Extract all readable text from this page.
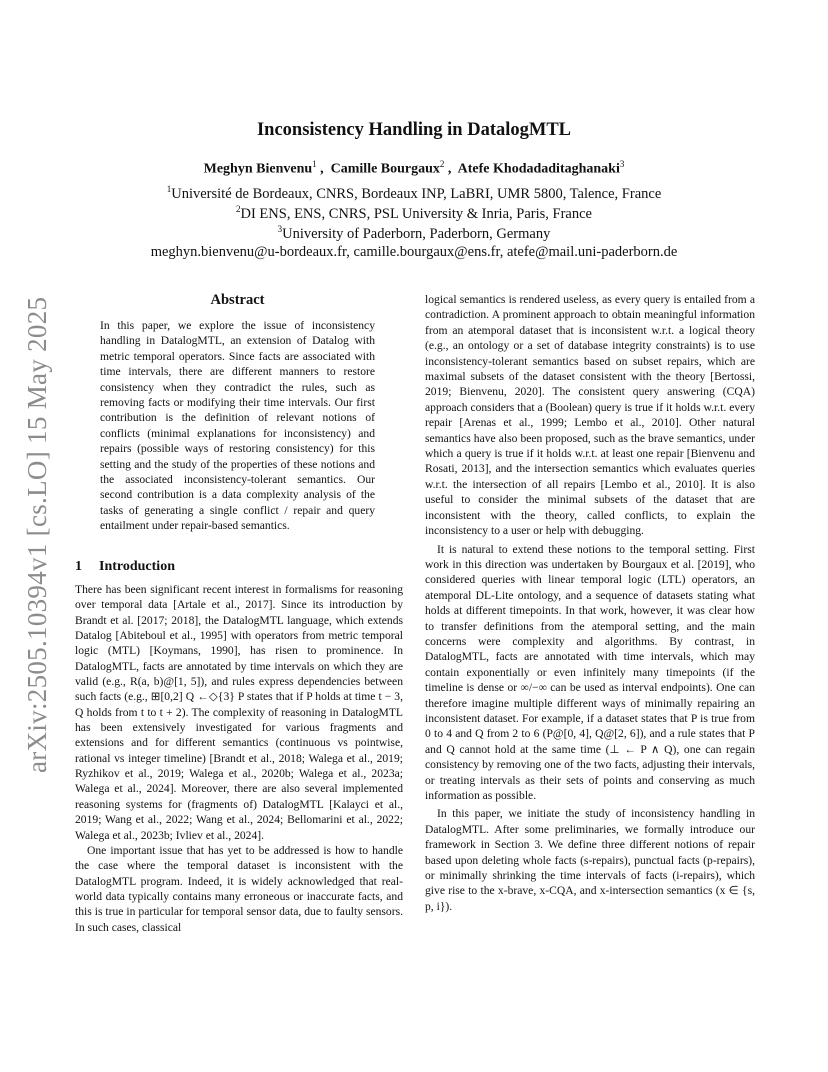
arXiv:2505.10394v1 [cs.LO] 15 May 2025
Inconsistency Handling in DatalogMTL
Meghyn Bienvenu$^1$ ,  Camille Bourgaux$^2$ ,  Atefe Khodadaditaghanaki$^3$
$^1$Université de Bordeaux, CNRS, Bordeaux INP, LaBRI, UMR 5800, Talence, France
$^2$DI ENS, ENS, CNRS, PSL University & Inria, Paris, France
$^3$University of Paderborn, Paderborn, Germany
meghyn.bienvenu@u-bordeaux.fr, camille.bourgaux@ens.fr, atefe@mail.uni-paderborn.de
Abstract

In this paper, we explore the issue of inconsistency handling in DatalogMTL, an extension of Datalog with metric temporal operators. Since facts are associated with time intervals, there are different manners to restore consistency when they contradict the rules, such as removing facts or modifying their time intervals. Our first contribution is the definition of relevant notions of conflicts (minimal explanations for inconsistency) and repairs (possible ways of restoring consistency) for this setting and the study of the properties of these notions and the associated inconsistency-tolerant semantics. Our second contribution is a data complexity analysis of the tasks of generating a single conflict / repair and query entailment under repair-based semantics.

1 Introduction

There has been significant recent interest in formalisms for reasoning over temporal data [Artale et al., 2017]. Since its introduction by Brandt et al. [2017; 2018], the DatalogMTL language, which extends Datalog [Abiteboul et al., 1995] with operators from metric temporal logic (MTL) [Koymans, 1990], has risen to prominence. In DatalogMTL, facts are annotated by time intervals on which they are valid (e.g., R(a, b)@[1, 5]), and rules express dependencies between such facts (e.g., ⊞[0,2] Q ←◇{3} P states that if P holds at time t − 3, Q holds from t to t + 2). The complexity of reasoning in DatalogMTL has been extensively investigated for various fragments and extensions and for different semantics (continuous vs pointwise, rational vs integer timeline) [Brandt et al., 2018; Walega et al., 2019; Ryzhikov et al., 2019; Walega et al., 2020b; Walega et al., 2023a; Walega et al., 2024]. Moreover, there are also several implemented reasoning systems for (fragments of) DatalogMTL [Kalayci et al., 2019; Wang et al., 2022; Wang et al., 2024; Bellomarini et al., 2022; Walega et al., 2023b; Ivliev et al., 2024].

One important issue that has yet to be addressed is how to handle the case where the temporal dataset is inconsistent with the DatalogMTL program. Indeed, it is widely acknowledged that real-world data typically contains many erroneous or inaccurate facts, and this is true in particular for temporal sensor data, due to faulty sensors. In such cases, classical

logical semantics is rendered useless, as every query is entailed from a contradiction. A prominent approach to obtain meaningful information from an atemporal dataset that is inconsistent w.r.t. a logical theory (e.g., an ontology or a set of database integrity constraints) is to use inconsistency-tolerant semantics based on subset repairs, which are maximal subsets of the dataset consistent with the theory [Bertossi, 2019; Bienvenu, 2020]. The consistent query answering (CQA) approach considers that a (Boolean) query is true if it holds w.r.t. every repair [Arenas et al., 1999; Lembo et al., 2010]. Other natural semantics have also been proposed, such as the brave semantics, under which a query is true if it holds w.r.t. at least one repair [Bienvenu and Rosati, 2013], and the intersection semantics which evaluates queries w.r.t. the intersection of all repairs [Lembo et al., 2010]. It is also useful to consider the minimal subsets of the dataset that are inconsistent with the theory, called conflicts, to explain the inconsistency to a user or help with debugging.

It is natural to extend these notions to the temporal setting. First work in this direction was undertaken by Bourgaux et al. [2019], who considered queries with linear temporal logic (LTL) operators, an atemporal DL-Lite ontology, and a sequence of datasets stating what holds at different timepoints. In that work, however, it was clear how to transfer definitions from the atemporal setting, and the main concerns were complexity and algorithms. By contrast, in DatalogMTL, facts are annotated with time intervals, which may contain exponentially or even infinitely many timepoints (if the timeline is dense or ∞/−∞ can be used as interval endpoints). One can therefore imagine multiple different ways of minimally repairing an inconsistent dataset. For example, if a dataset states that P is true from 0 to 4 and Q from 2 to 6 (P@[0, 4], Q@[2, 6]), and a rule states that P and Q cannot hold at the same time (⊥ ← P ∧ Q), one can regain consistency by removing one of the two facts, adjusting their intervals, or treating intervals as their sets of points and conserving as much information as possible.

In this paper, we initiate the study of inconsistency handling in DatalogMTL. After some preliminaries, we formally introduce our framework in Section 3. We define three different notions of repair based upon deleting whole facts (s-repairs), punctual facts (p-repairs), or minimally shrinking the time intervals of facts (i-repairs), which give rise to the x-brave, x-CQA, and x-intersection semantics (x ∈ {s, p, i}).
